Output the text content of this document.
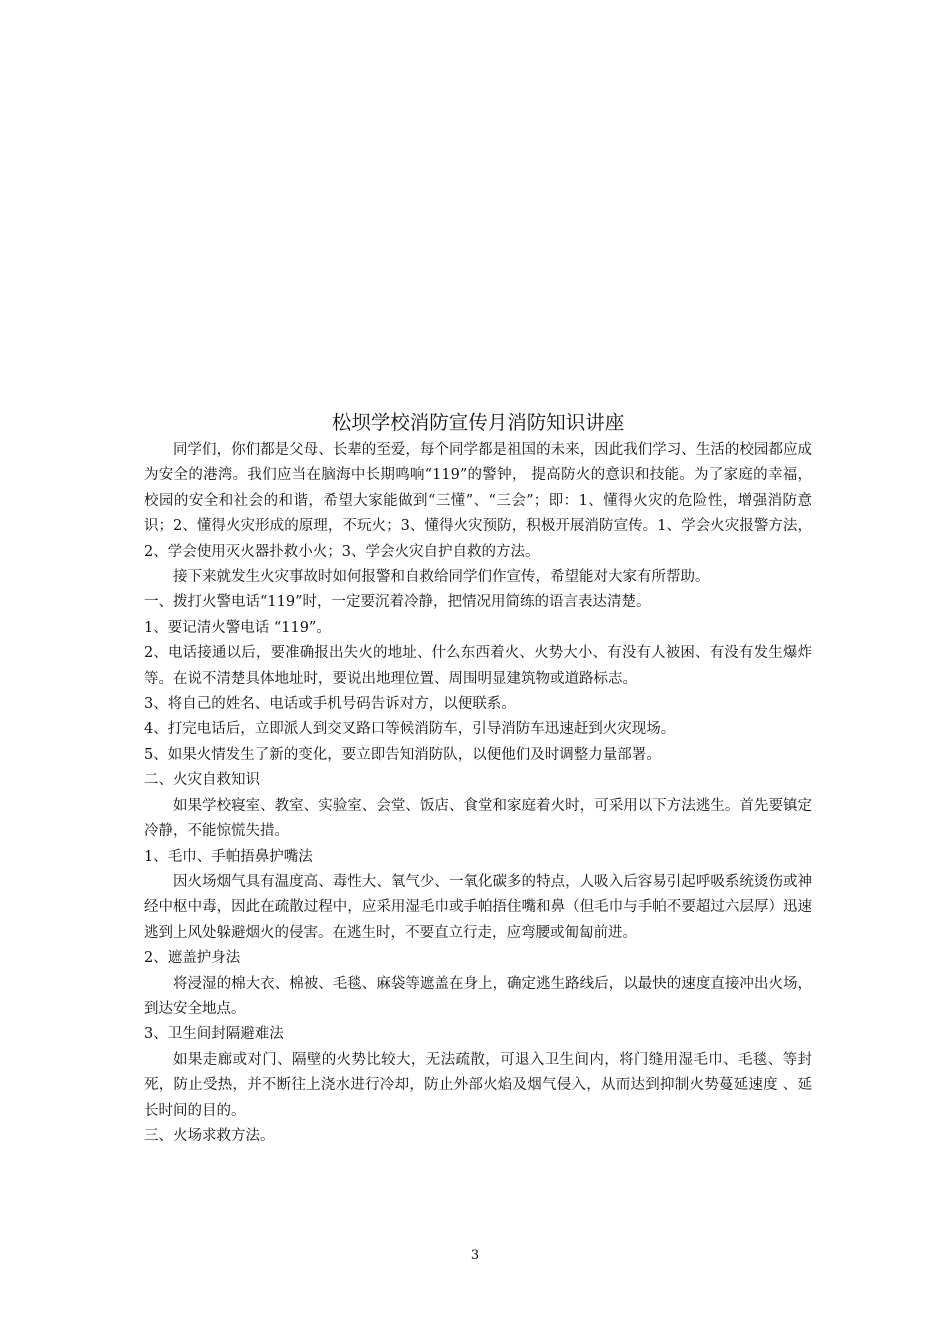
松坝学校消防宣传月消防知识讲座

同学们，你们都是父母、长辈的至爱，每个同学都是祖国的未来，因此我们学习、生活的校园都应成为安全的港湾。我们应当在脑海中长期鸣响“119”的警钟， 提高防火的意识和技能。为了家庭的幸福，校园的安全和社会的和谐，希望大家能做到“三懂”、“三会”；即：1、懂得火灾的危险性，增强消防意识；2、懂得火灾形成的原理，不玩火；3、懂得火灾预防，积极开展消防宣传。1、学会火灾报警方法，2、学会使用灭火器扑救小火；3、学会火灾自护自救的方法。

接下来就发生火灾事故时如何报警和自救给同学们作宣传，希望能对大家有所帮助。

一、拨打火警电话“119”时，一定要沉着冷静，把情况用简练的语言表达清楚。

1、要记清火警电话 “119”。

2、电话接通以后，要准确报出失火的地址、什么东西着火、火势大小、有没有人被困、有没有发生爆炸等。在说不清楚具体地址时，要说出地理位置、周围明显建筑物或道路标志。

3、将自己的姓名、电话或手机号码告诉对方，以便联系。

4、打完电话后，立即派人到交叉路口等候消防车，引导消防车迅速赶到火灾现场。

5、如果火情发生了新的变化，要立即告知消防队，以便他们及时调整力量部署。

二、火灾自救知识

如果学校寝室、教室、实验室、会堂、饭店、食堂和家庭着火时，可采用以下方法逃生。首先要镇定冷静，不能惊慌失措。

1、毛巾、手帕捂鼻护嘴法

因火场烟气具有温度高、毒性大、氧气少、一氧化碳多的特点，人吸入后容易引起呼吸系统烫伤或神经中枢中毒，因此在疏散过程中，应采用湿毛巾或手帕捂住嘴和鼻（但毛巾与手帕不要超过六层厚）迅速逃到上风处躲避烟火的侵害。在逃生时，不要直立行走，应弯腰或匍匐前进。

2、遮盖护身法

将浸湿的棉大衣、棉被、毛毯、麻袋等遮盖在身上，确定逃生路线后，以最快的速度直接冲出火场，到达安全地点。

3、卫生间封隔避难法

如果走廊或对门、隔壁的火势比较大，无法疏散，可退入卫生间内，将门缝用湿毛巾、毛毯、等封死，防止受热，并不断往上浇水进行冷却，防止外部火焰及烟气侵入，从而达到抑制火势蔓延速度 、延长时间的目的。

三、火场求救方法。

3
